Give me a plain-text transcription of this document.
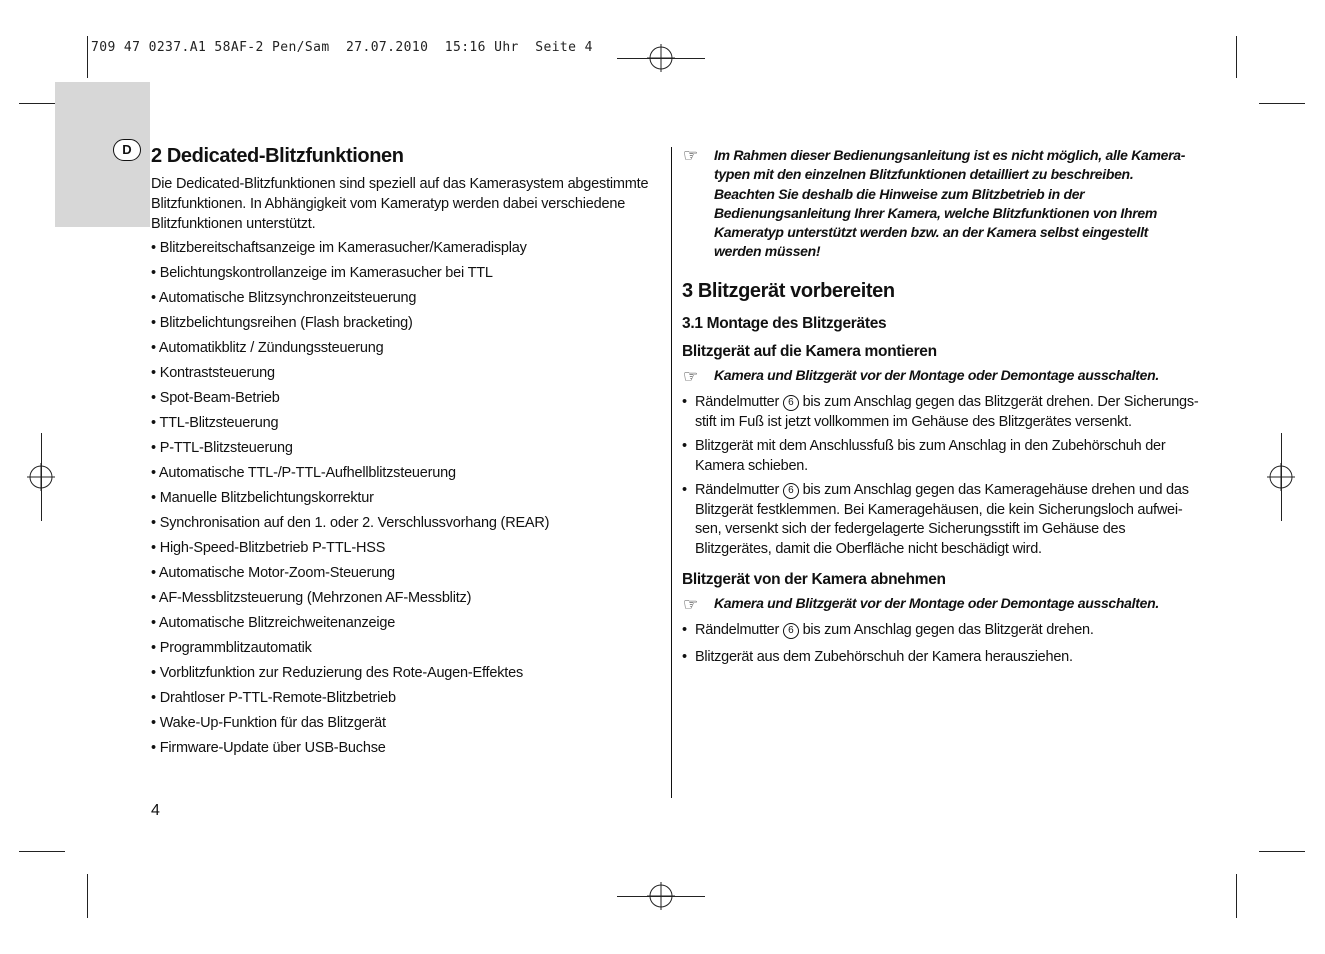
709 47 0237.A1 58AF-2 Pen/Sam  27.07.2010  15:16 Uhr  Seite 4
D 2 Dedicated-Blitzfunktionen
Die Dedicated-Blitzfunktionen sind speziell auf das Kamerasystem abgestimmte
Blitzfunktionen. In Abhängigkeit vom Kameratyp werden dabei verschiedene
Blitzfunktionen unterstützt.
• Blitzbereitschaftsanzeige im Kamerasucher/Kameradisplay
• Belichtungskontrollanzeige im Kamerasucher bei TTL
• Automatische Blitzsynchronzeitsteuerung
• Blitzbelichtungsreihen (Flash bracketing)
• Automatikblitz / Zündungssteuerung
• Kontraststeuerung
• Spot-Beam-Betrieb
• TTL-Blitzsteuerung
• P-TTL-Blitzsteuerung
• Automatische TTL-/P-TTL-Aufhellblitzsteuerung
• Manuelle Blitzbelichtungskorrektur
• Synchronisation auf den 1. oder 2. Verschlussvorhang (REAR)
• High-Speed-Blitzbetrieb P-TTL-HSS
• Automatische Motor-Zoom-Steuerung
• AF-Messblitzsteuerung (Mehrzonen AF-Messblitz)
• Automatische Blitzreichweitenanzeige
• Programmblitzautomatik
• Vorblitzfunktion zur Reduzierung des Rote-Augen-Effektes
• Drahtloser P-TTL-Remote-Blitzbetrieb
• Wake-Up-Funktion für das Blitzgerät
• Firmware-Update über USB-Buchse
4
☞ Im Rahmen dieser Bedienungsanleitung ist es nicht möglich, alle Kamera-
typen mit den einzelnen Blitzfunktionen detailliert zu beschreiben.
Beachten Sie deshalb die Hinweise zum Blitzbetrieb in der
Bedienungsanleitung Ihrer Kamera, welche Blitzfunktionen von Ihrem
Kameratyp unterstützt werden bzw. an der Kamera selbst eingestellt
werden müssen!
3 Blitzgerät vorbereiten
3.1 Montage des Blitzgerätes
Blitzgerät auf die Kamera montieren
☞ Kamera und Blitzgerät vor der Montage oder Demontage ausschalten.
• Rändelmutter 6 bis zum Anschlag gegen das Blitzgerät drehen. Der Sicherungs-
stift im Fuß ist jetzt vollkommen im Gehäuse des Blitzgerätes versenkt.
• Blitzgerät mit dem Anschlussfuß bis zum Anschlag in den Zubehörschuh der
Kamera schieben.
• Rändelmutter 6 bis zum Anschlag gegen das Kameragehäuse drehen und das
Blitzgerät festklemmen. Bei Kameragehäusen, die kein Sicherungsloch aufwei-
sen, versenkt sich der federgelagerte Sicherungsstift im Gehäuse des
Blitzgerätes, damit die Oberfläche nicht beschädigt wird.
Blitzgerät von der Kamera abnehmen
☞ Kamera und Blitzgerät vor der Montage oder Demontage ausschalten.
• Rändelmutter 6 bis zum Anschlag gegen das Blitzgerät drehen.
• Blitzgerät aus dem Zubehörschuh der Kamera herausziehen.
